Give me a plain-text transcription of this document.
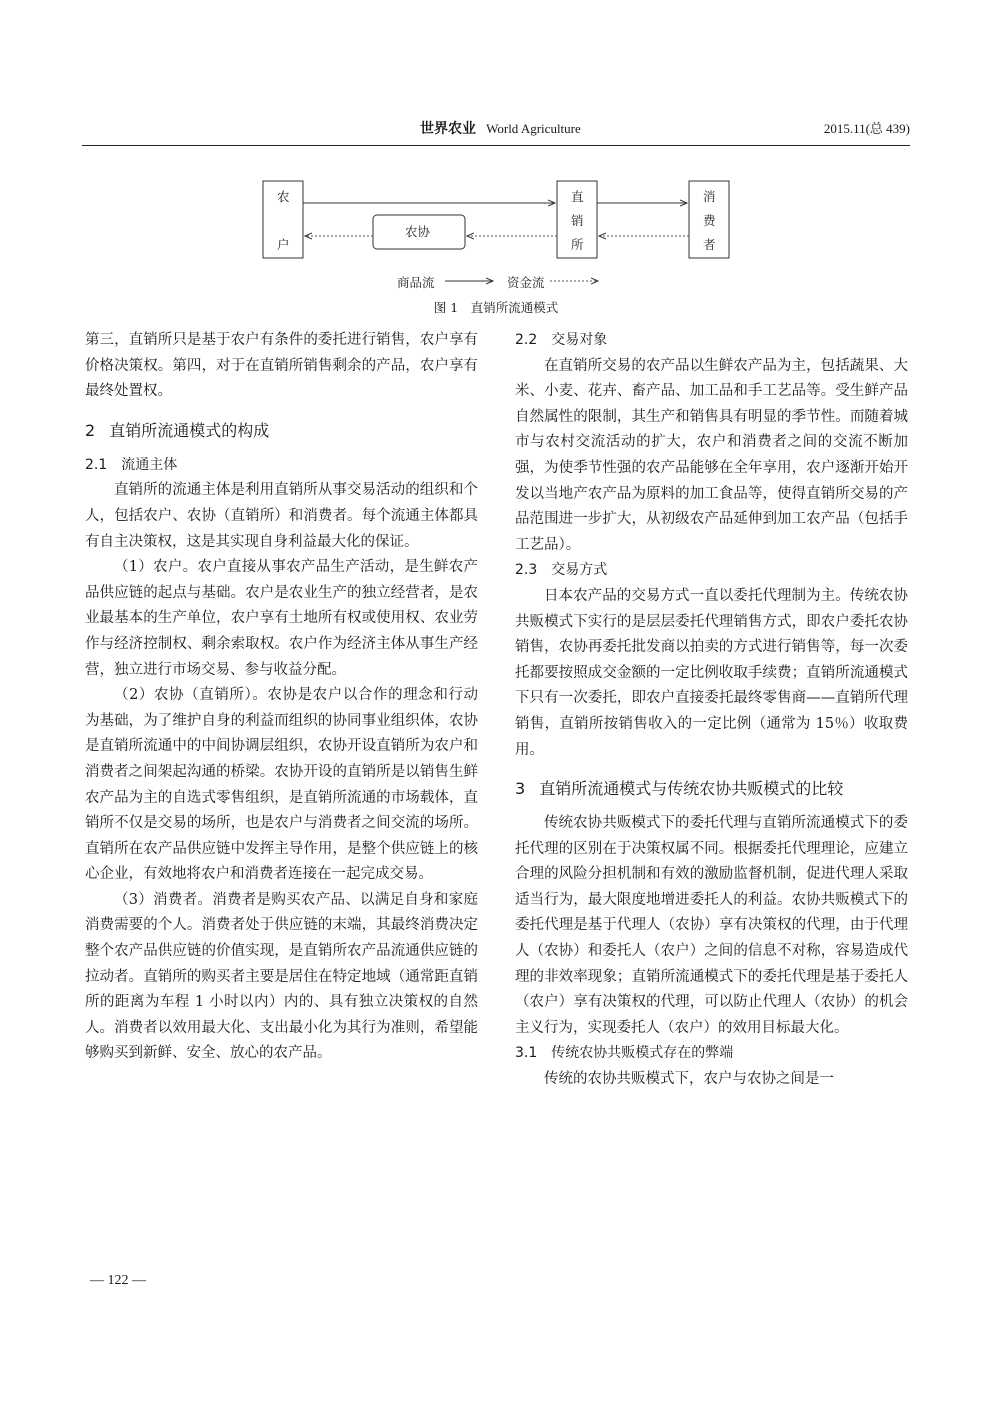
世界农业 World Agriculture	2015.11(总 439)
农
户
农协
直
销
所
消
费
者
商品流	资金流
图 1　直销所流通模式

第三，直销所只是基于农户有条件的委托进行销售，农户享有价格决策权。第四，对于在直销所销售剩余的产品，农户享有最终处置权。

2 直销所流通模式的构成
2.1 流通主体

直销所的流通主体是利用直销所从事交易活动的组织和个人，包括农户、农协（直销所）和消费者。每个流通主体都具有自主决策权，这是其实现自身利益最大化的保证。

（1）农户。农户直接从事农产品生产活动，是生鲜农产品供应链的起点与基础。农户是农业生产的独立经营者，是农业最基本的生产单位，农户享有土地所有权或使用权、农业劳作与经济控制权、剩余索取权。农户作为经济主体从事生产经营，独立进行市场交易、参与收益分配。

（2）农协（直销所）。农协是农户以合作的理念和行动为基础，为了维护自身的利益而组织的协同事业组织体，农协是直销所流通中的中间协调层组织，农协开设直销所为农户和消费者之间架起沟通的桥梁。农协开设的直销所是以销售生鲜农产品为主的自选式零售组织，是直销所流通的市场载体，直销所不仅是交易的场所，也是农户与消费者之间交流的场所。直销所在农产品供应链中发挥主导作用，是整个供应链上的核心企业，有效地将农户和消费者连接在一起完成交易。

（3）消费者。消费者是购买农产品、以满足自身和家庭消费需要的个人。消费者处于供应链的末端，其最终消费决定整个农产品供应链的价值实现，是直销所农产品流通供应链的拉动者。直销所的购买者主要是居住在特定地域（通常距直销所的距离为车程 1 小时以内）内的、具有独立决策权的自然人。消费者以效用最大化、支出最小化为其行为准则，希望能够购买到新鲜、安全、放心的农产品。

2.2 交易对象

在直销所交易的农产品以生鲜农产品为主，包括蔬果、大米、小麦、花卉、畜产品、加工品和手工艺品等。受生鲜产品自然属性的限制，其生产和销售具有明显的季节性。而随着城市与农村交流活动的扩大，农户和消费者之间的交流不断加强，为使季节性强的农产品能够在全年享用，农户逐渐开始开发以当地产农产品为原料的加工食品等，使得直销所交易的产品范围进一步扩大，从初级农产品延伸到加工农产品（包括手工艺品）。

2.3 交易方式

日本农产品的交易方式一直以委托代理制为主。传统农协共贩模式下实行的是层层委托代理销售方式，即农户委托农协销售，农协再委托批发商以拍卖的方式进行销售等，每一次委托都要按照成交金额的一定比例收取手续费；直销所流通模式下只有一次委托，即农户直接委托最终零售商——直销所代理销售，直销所按销售收入的一定比例（通常为 15％）收取费用。

3 直销所流通模式与传统农协共贩模式的比较

传统农协共贩模式下的委托代理与直销所流通模式下的委托代理的区别在于决策权属不同。根据委托代理理论，应建立合理的风险分担机制和有效的激励监督机制，促进代理人采取适当行为，最大限度地增进委托人的利益。农协共贩模式下的委托代理是基于代理人（农协）享有决策权的代理，由于代理人（农协）和委托人（农户）之间的信息不对称，容易造成代理的非效率现象；直销所流通模式下的委托代理是基于委托人（农户）享有决策权的代理，可以防止代理人（农协）的机会主义行为，实现委托人（农户）的效用目标最大化。

3.1 传统农协共贩模式存在的弊端

传统的农协共贩模式下，农户与农协之间是一

— 122 —
